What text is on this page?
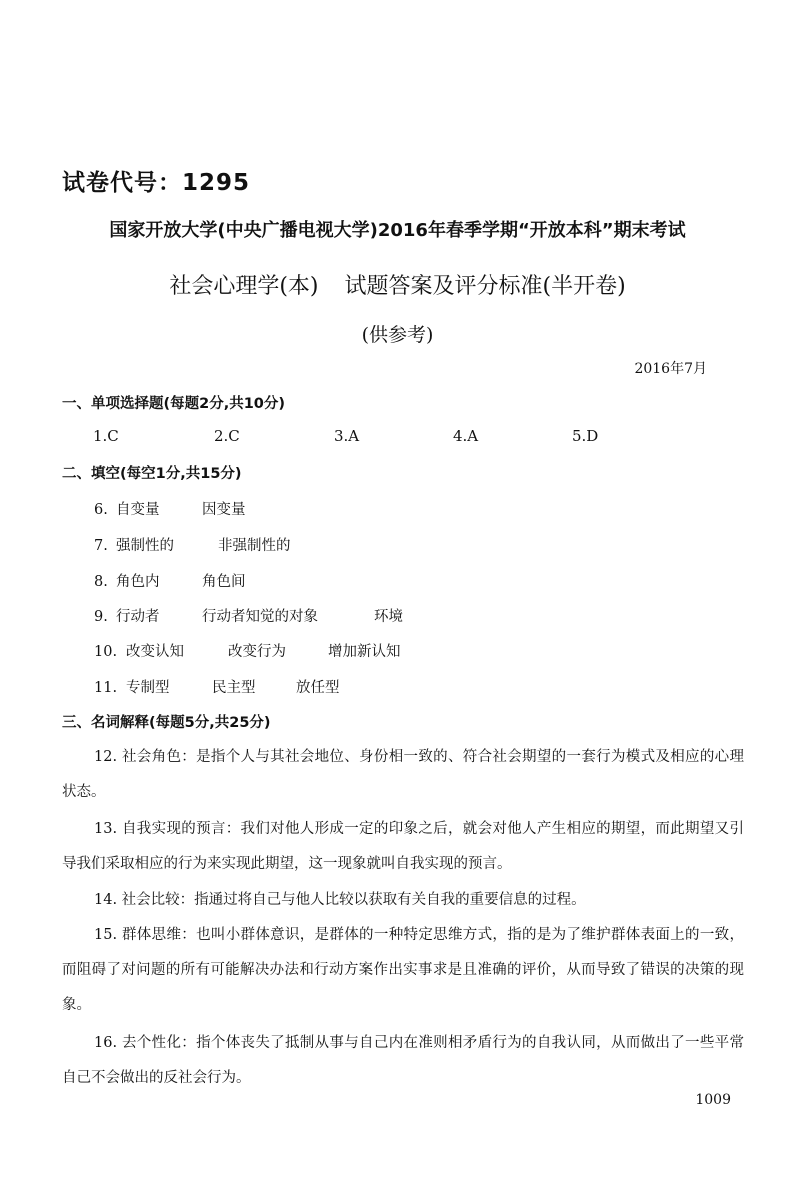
试卷代号：1295
国家开放大学(中央广播电视大学)2016年春季学期“开放本科”期末考试
社会心理学(本) 试题答案及评分标准(半开卷)
(供参考)
2016年7月
一、单项选择题(每题2分,共10分)
1.C	2.C	3.A	4.A	5.D
二、填空(每空1分,共15分)
6. 自变量	因变量
7. 强制性的	非强制性的
8. 角色内	角色间
9. 行动者	行动者知觉的对象	环境
10. 改变认知	改变行为	增加新认知
11. 专制型	民主型	放任型
三、名词解释(每题5分,共25分)
12. 社会角色：是指个人与其社会地位、身份相一致的、符合社会期望的一套行为模式及相应的心理状态。
13. 自我实现的预言：我们对他人形成一定的印象之后，就会对他人产生相应的期望，而此期望又引导我们采取相应的行为来实现此期望，这一现象就叫自我实现的预言。
14. 社会比较：指通过将自己与他人比较以获取有关自我的重要信息的过程。
15. 群体思维：也叫小群体意识，是群体的一种特定思维方式，指的是为了维护群体表面上的一致，而阻碍了对问题的所有可能解决办法和行动方案作出实事求是且准确的评价，从而导致了错误的决策的现象。
16. 去个性化：指个体丧失了抵制从事与自己内在准则相矛盾行为的自我认同，从而做出了一些平常自己不会做出的反社会行为。
1009
